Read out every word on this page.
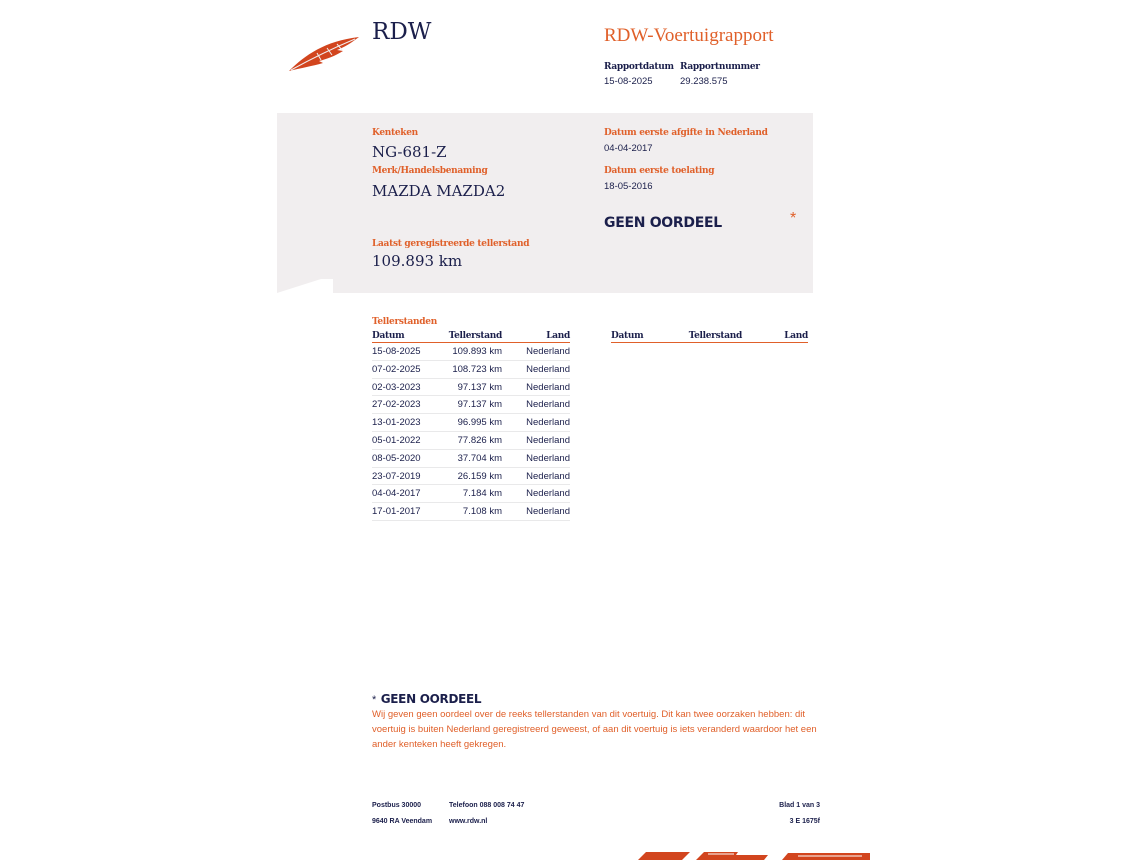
RDW	RDW-Voertuigrapport
Rapportdatum
15-08-2025
Rapportnummer
29.238.575
Kenteken
NG-681-Z
Merk/Handelsbenaming
MAZDA MAZDA2
Datum eerste afgifte in Nederland
04-04-2017
Datum eerste toelating
18-05-2016
GEEN OORDEEL	*
Laatst geregistreerde tellerstand
109.893 km
Tellerstanden
Datum	Tellerstand	Land
15-08-2025	109.893 km	Nederland
07-02-2025	108.723 km	Nederland
02-03-2023	97.137 km	Nederland
27-02-2023	97.137 km	Nederland
13-01-2023	96.995 km	Nederland
05-01-2022	77.826 km	Nederland
08-05-2020	37.704 km	Nederland
23-07-2019	26.159 km	Nederland
04-04-2017	7.184 km	Nederland
17-01-2017	7.108 km	Nederland
Datum	Tellerstand	Land
* GEEN OORDEEL
Wij geven geen oordeel over de reeks tellerstanden van dit voertuig. Dit kan twee oorzaken hebben: dit voertuig is buiten Nederland geregistreerd geweest, of aan dit voertuig is iets veranderd waardoor het een ander kenteken heeft gekregen.
Postbus 30000
9640 RA Veendam
Telefoon 088 008 74 47
www.rdw.nl
Blad 1 van 3
3 E 1675f
